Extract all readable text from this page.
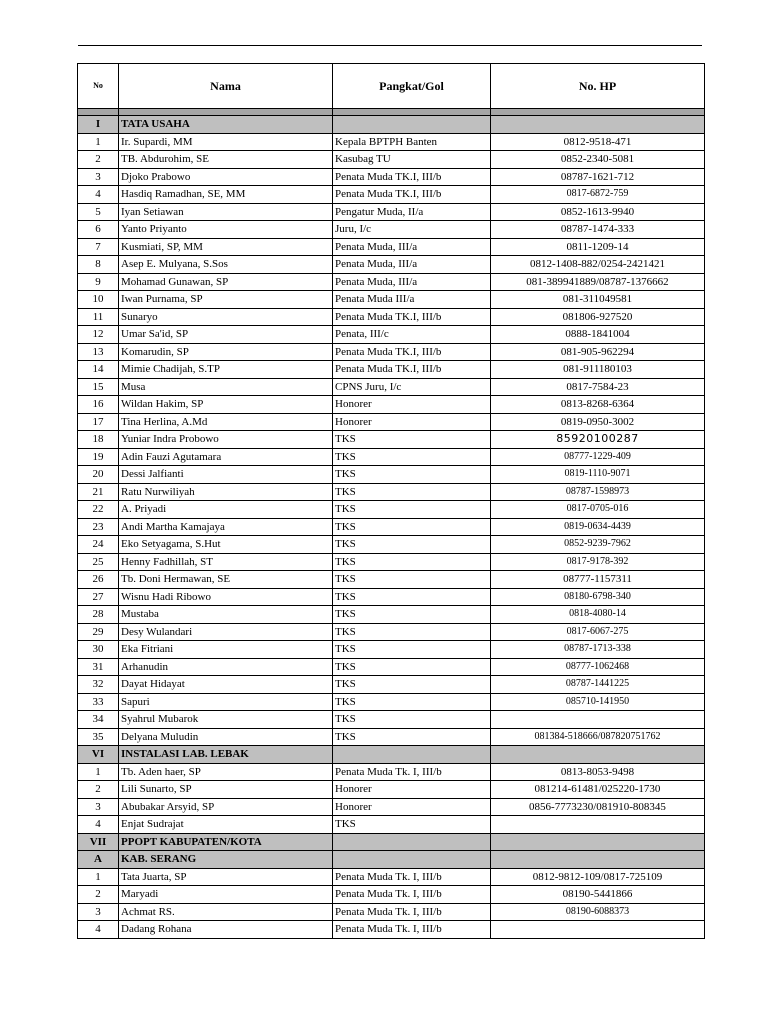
No	Nama	Pangkat/Gol	No. HP

I	TATA USAHA		
1	Ir. Supardi, MM	Kepala BPTPH Banten	0812-9518-471
2	TB. Abdurohim, SE	Kasubag TU	0852-2340-5081
3	Djoko Prabowo	Penata Muda TK.I, III/b	08787-1621-712
4	Hasdiq Ramadhan, SE, MM	Penata Muda TK.I, III/b	0817-6872-759
5	Iyan Setiawan	Pengatur Muda, II/a	0852-1613-9940
6	Yanto Priyanto	Juru, I/c	08787-1474-333
7	Kusmiati, SP, MM	Penata Muda, III/a	0811-1209-14
8	Asep E. Mulyana, S.Sos	Penata Muda, III/a	0812-1408-882/0254-2421421
9	Mohamad Gunawan, SP	Penata Muda, III/a	081-389941889/08787-1376662
10	Iwan Purnama, SP	Penata Muda III/a	081-311049581
11	Sunaryo	Penata Muda TK.I, III/b	081806-927520
12	Umar Sa'id, SP	Penata, III/c	0888-1841004
13	Komarudin, SP	Penata Muda TK.I, III/b	081-905-962294
14	Mimie Chadijah, S.TP	Penata Muda TK.I, III/b	081-911180103
15	Musa	CPNS Juru, I/c	0817-7584-23
16	Wildan Hakim, SP	Honorer	0813-8268-6364
17	Tina Herlina, A.Md	Honorer	0819-0950-3002
18	Yuniar Indra Probowo	TKS	85920100287
19	Adin Fauzi Agutamara	TKS	08777-1229-409
20	Dessi Jalfianti	TKS	0819-1110-9071
21	Ratu Nurwiliyah	TKS	08787-1598973
22	A. Priyadi	TKS	0817-0705-016
23	Andi Martha Kamajaya	TKS	0819-0634-4439
24	Eko Setyagama, S.Hut	TKS	0852-9239-7962
25	Henny Fadhillah, ST	TKS	0817-9178-392
26	Tb. Doni Hermawan, SE	TKS	08777-1157311
27	Wisnu Hadi Ribowo	TKS	08180-6798-340
28	Mustaba	TKS	0818-4080-14
29	Desy Wulandari	TKS	0817-6067-275
30	Eka Fitriani	TKS	08787-1713-338
31	Arhanudin	TKS	08777-1062468
32	Dayat Hidayat	TKS	08787-1441225
33	Sapuri	TKS	085710-141950
34	Syahrul Mubarok	TKS	
35	Delyana Muludin	TKS	081384-518666/087820751762
VI	INSTALASI LAB. LEBAK		
1	Tb. Aden haer, SP	Penata Muda Tk. I, III/b	0813-8053-9498
2	Lili Sunarto, SP	Honorer	081214-61481/025220-1730
3	Abubakar Arsyid, SP	Honorer	0856-7773230/081910-808345
4	Enjat Sudrajat	TKS	
VII	PPOPT KABUPATEN/KOTA		
A	KAB. SERANG		
1	Tata Juarta, SP	Penata Muda Tk. I, III/b	0812-9812-109/0817-725109
2	Maryadi	Penata Muda Tk. I, III/b	08190-5441866
3	Achmat RS.	Penata Muda Tk. I, III/b	08190-6088373
4	Dadang Rohana	Penata Muda Tk. I, III/b	
